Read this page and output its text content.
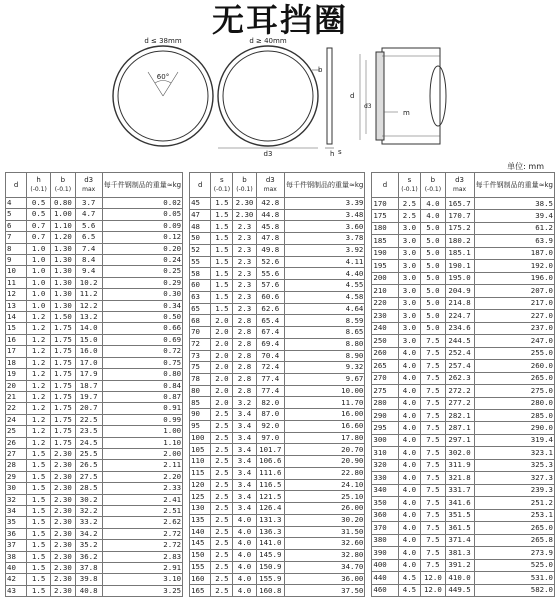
无耳挡圈
60°
d ≤ 38mm
b
d ≥ 40mm
d3	s
h
d
d3
m
单位: mm
d	h
(-0.1)	b
(-0.1)	d3
max	每千件钢制品的重量≈kg
4	0.5	0.80	3.7	0.02
5	0.5	1.00	4.7	0.05
6	0.7	1.10	5.6	0.09
7	0.7	1.20	6.5	0.12
8	1.0	1.30	7.4	0.20
9	1.0	1.30	8.4	0.24
10	1.0	1.30	9.4	0.25
11	1.0	1.30	10.2	0.29
12	1.0	1.30	11.2	0.30
13	1.0	1.30	12.2	0.34
14	1.2	1.50	13.2	0.50
15	1.2	1.75	14.0	0.66
16	1.2	1.75	15.0	0.69
17	1.2	1.75	16.0	0.72
18	1.2	1.75	17.0	0.75
19	1.2	1.75	17.9	0.80
20	1.2	1.75	18.7	0.84
21	1.2	1.75	19.7	0.87
22	1.2	1.75	20.7	0.91
24	1.2	1.75	22.5	0.99
25	1.2	1.75	23.5	1.00
26	1.2	1.75	24.5	1.10
27	1.5	2.30	25.5	2.00
28	1.5	2.30	26.5	2.11
29	1.5	2.30	27.5	2.20
30	1.5	2.30	28.5	2.33
32	1.5	2.30	30.2	2.41
34	1.5	2.30	32.2	2.51
35	1.5	2.30	33.2	2.62
36	1.5	2.30	34.2	2.72
37	1.5	2.30	35.2	2.72
38	1.5	2.30	36.2	2.83
40	1.5	2.30	37.8	2.91
42	1.5	2.30	39.8	3.10
43	1.5	2.30	40.8	3.25
d	s
(-0.1)	b
(-0.1)	d3
max	每千件钢制品的重量≈kg
45	1.5	2.30	42.8	3.39
47	1.5	2.30	44.8	3.48
48	1.5	2.3	45.8	3.60
50	1.5	2.3	47.8	3.78
52	1.5	2.3	49.8	3.92
55	1.5	2.3	52.6	4.11
58	1.5	2.3	55.6	4.40
60	1.5	2.3	57.6	4.55
63	1.5	2.3	60.6	4.58
65	1.5	2.3	62.6	4.64
68	2.0	2.8	65.4	8.59
70	2.0	2.8	67.4	8.65
72	2.0	2.8	69.4	8.80
73	2.0	2.8	70.4	8.90
75	2.0	2.8	72.4	9.32
78	2.0	2.8	77.4	9.67
80	2.0	2.8	77.4	10.00
85	2.0	3.2	82.0	11.70
90	2.5	3.4	87.0	16.00
95	2.5	3.4	92.0	16.60
100	2.5	3.4	97.0	17.80
105	2.5	3.4	101.7	20.70
110	2.5	3.4	106.6	20.90
115	2.5	3.4	111.6	22.80
120	2.5	3.4	116.5	24.10
125	2.5	3.4	121.5	25.10
130	2.5	3.4	126.4	26.00
135	2.5	4.0	131.3	30.20
140	2.5	4.0	136.3	31.50
145	2.5	4.0	141.0	32.60
150	2.5	4.0	145.9	32.80
155	2.5	4.0	150.9	34.70
160	2.5	4.0	155.9	36.00
165	2.5	4.0	160.8	37.50
d	s
(-0.1)	b
(-0.1)	d3
max	每千件钢制品的重量≈kg
170	2.5	4.0	165.7	38.5
175	2.5	4.0	170.7	39.4
180	3.0	5.0	175.2	61.2
185	3.0	5.0	180.2	63.9
190	3.0	5.0	185.1	187.0
195	3.0	5.0	190.1	192.0
200	3.0	5.0	195.0	196.0
210	3.0	5.0	204.9	207.0
220	3.0	5.0	214.8	217.0
230	3.0	5.0	224.7	227.0
240	3.0	5.0	234.6	237.0
250	3.0	7.5	244.5	247.0
260	4.0	7.5	252.4	255.0
265	4.0	7.5	257.4	260.0
270	4.0	7.5	262.3	265.0
275	4.0	7.5	272.2	275.0
280	4.0	7.5	277.2	280.0
290	4.0	7.5	282.1	285.0
295	4.0	7.5	287.1	290.0
300	4.0	7.5	297.1	319.4
310	4.0	7.5	302.0	323.1
320	4.0	7.5	311.9	325.3
330	4.0	7.5	321.8	327.3
340	4.0	7.5	331.7	239.3
350	4.0	7.5	341.6	251.2
360	4.0	7.5	351.5	253.1
370	4.0	7.5	361.5	265.0
380	4.0	7.5	371.4	265.8
390	4.0	7.5	381.3	273.9
400	4.0	7.5	391.2	525.0
440	4.5	12.0	410.0	531.0
460	4.5	12.0	449.5	582.0
